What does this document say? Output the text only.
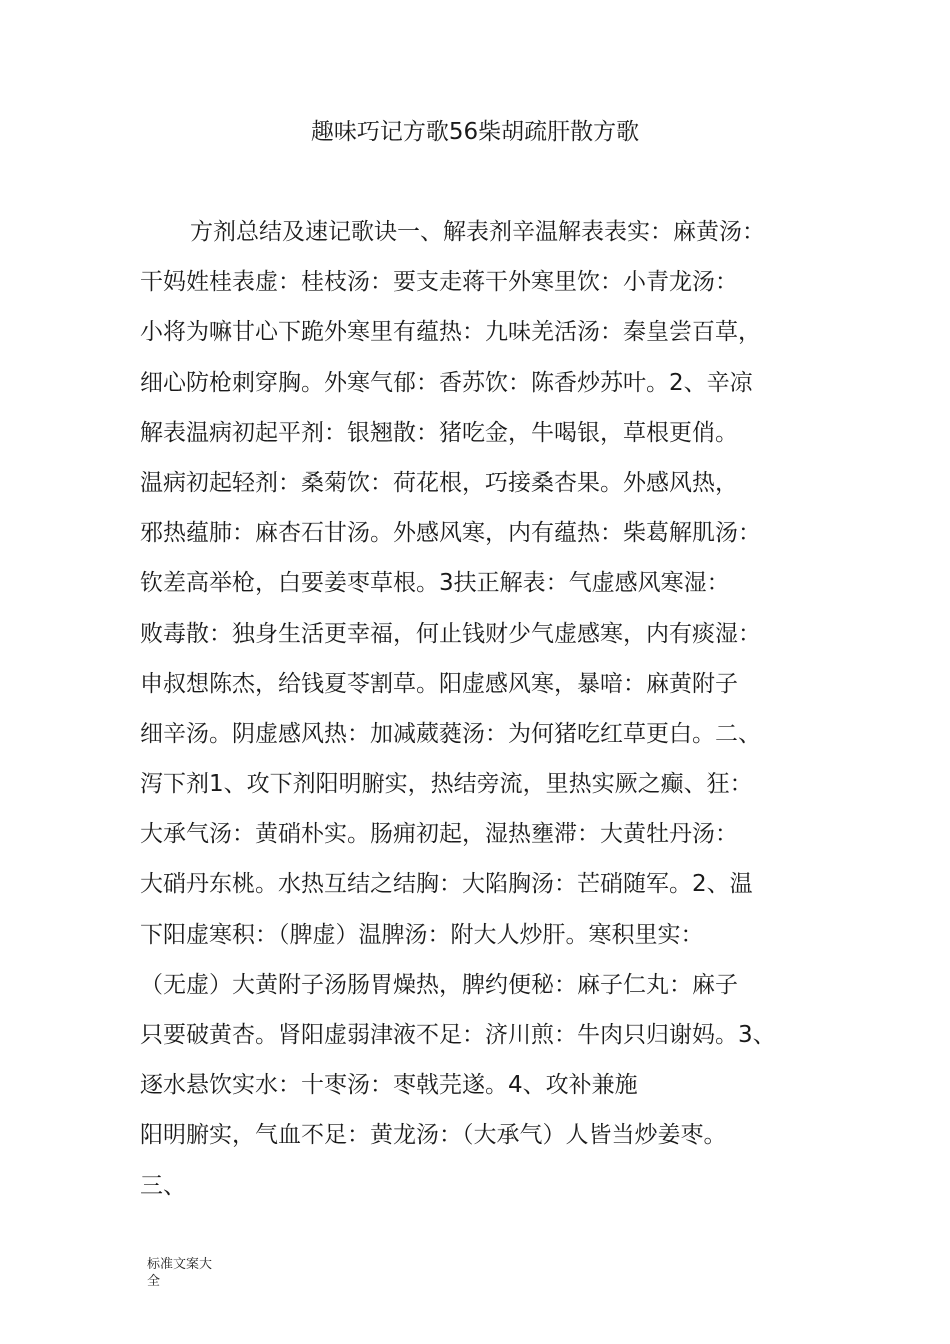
趣味巧记方歌56柴胡疏肝散方歌
方剂总结及速记歌诀一、解表剂辛温解表表实：麻黄汤：
干妈姓桂表虚：桂枝汤：要支走蒋干外寒里饮：小青龙汤：
小将为嘛甘心下跪外寒里有蕴热：九味羌活汤：秦皇尝百草，
细心防枪刺穿胸。外寒气郁：香苏饮：陈香炒苏叶。2、辛凉
解表温病初起平剂：银翘散：猪吃金，牛喝银，草根更俏。
温病初起轻剂：桑菊饮：荷花根，巧接桑杏果。外感风热，
邪热蕴肺：麻杏石甘汤。外感风寒，内有蕴热：柴葛解肌汤：
钦差高举枪，白要姜枣草根。3扶正解表：气虚感风寒湿：
败毒散：独身生活更幸福，何止钱财少气虚感寒，内有痰湿：
申叔想陈杰，给钱夏苓割草。阳虚感风寒，暴喑：麻黄附子
细辛汤。阴虚感风热：加减葳蕤汤：为何猪吃红草更白。二、
泻下剂1、攻下剂阳明腑实，热结旁流，里热实厥之癫、狂：
大承气汤：黄硝朴实。肠痈初起，湿热壅滞：大黄牡丹汤：
大硝丹东桃。水热互结之结胸：大陷胸汤：芒硝随军。2、温
下阳虚寒积：（脾虚）温脾汤：附大人炒肝。寒积里实：
（无虚）大黄附子汤肠胃燥热，脾约便秘：麻子仁丸：麻子
只要破黄杏。肾阳虚弱津液不足：济川煎：牛肉只归谢妈。3、
逐水悬饮实水：十枣汤：枣戟芫遂。4、攻补兼施
阳明腑实，气血不足：黄龙汤：（大承气）人皆当炒姜枣。
三、
标准文案大
全
